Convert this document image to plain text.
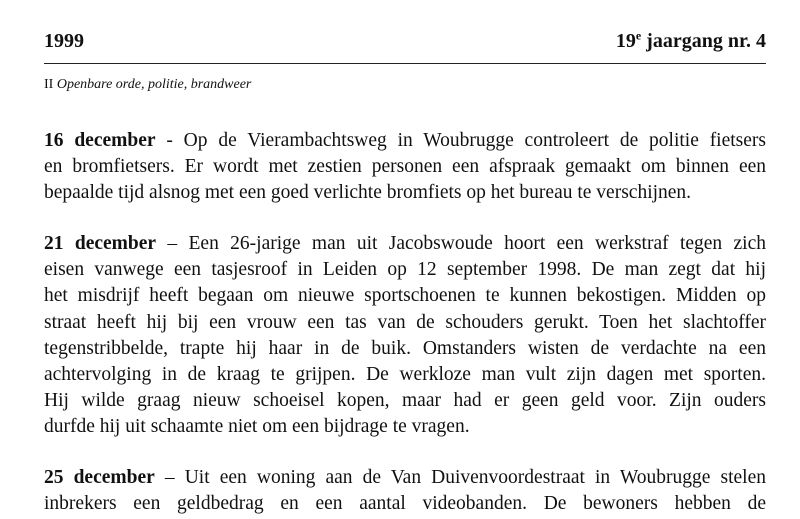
1999	19e jaargang nr. 4
II Openbare orde, politie, brandweer
16 december - Op de Vierambachtsweg in Woubrugge controleert de politie fietsers
en bromfietsers. Er wordt met zestien personen een afspraak gemaakt om binnen een
bepaalde tijd alsnog met een goed verlichte bromfiets op het bureau te verschijnen.
21 december – Een 26-jarige man uit Jacobswoude hoort een werkstraf tegen zich
eisen vanwege een tasjesroof in Leiden op 12 september 1998. De man zegt dat hij
het misdrijf heeft begaan om nieuwe sportschoenen te kunnen bekostigen. Midden op
straat heeft hij bij een vrouw een tas van de schouders gerukt. Toen het slachtoffer
tegenstribbelde, trapte hij haar in de buik. Omstanders wisten de verdachte na een
achtervolging in de kraag te grijpen. De werkloze man vult zijn dagen met sporten.
Hij wilde graag nieuw schoeisel kopen, maar had er geen geld voor. Zijn ouders
durfde hij uit schaamte niet om een bijdrage te vragen.
25 december – Uit een woning aan de Van Duivenvoordestraat in Woubrugge stelen
inbrekers een geldbedrag en een aantal videobanden. De bewoners hebben de
